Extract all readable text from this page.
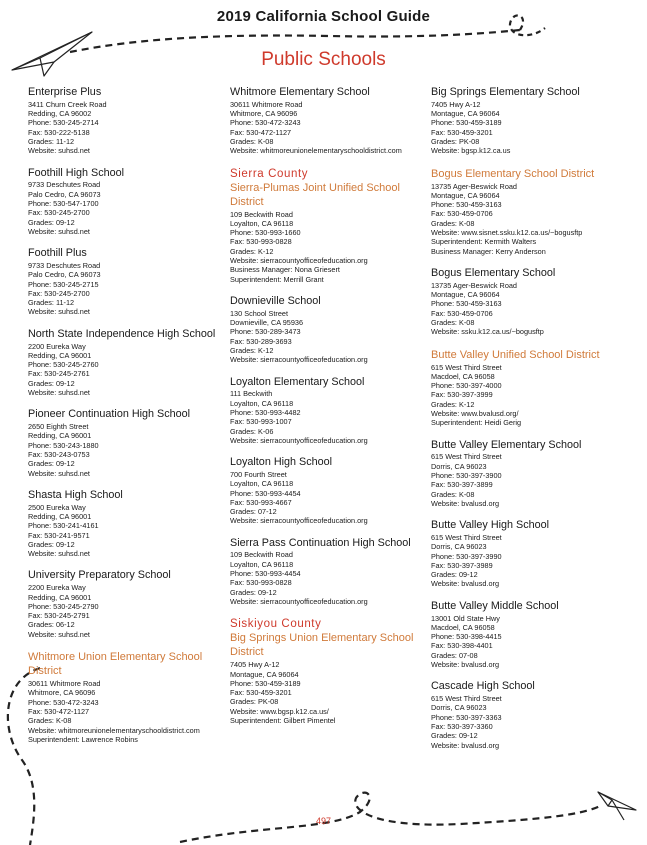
2019 California School Guide
Public Schools
Enterprise Plus
3411 Churn Creek Road
Redding, CA 96002
Phone: 530-245-2714
Fax: 530-222-5138
Grades: 11-12
Website: suhsd.net
Foothill High School
9733 Deschutes Road
Palo Cedro, CA 96073
Phone: 530-547-1700
Fax: 530-245-2700
Grades: 09-12
Website: suhsd.net
Foothill Plus
9733 Deschutes Road
Palo Cedro, CA 96073
Phone: 530-245-2715
Fax: 530-245-2700
Grades: 11-12
Website: suhsd.net
North State Independence High School
2200 Eureka Way
Redding, CA 96001
Phone: 530-245-2760
Fax: 530-245-2761
Grades: 09-12
Website: suhsd.net
Pioneer Continuation High School
2650 Eighth Street
Redding, CA 96001
Phone: 530-243-1880
Fax: 530-243-0753
Grades: 09-12
Website: suhsd.net
Shasta High School
2500 Eureka Way
Redding, CA 96001
Phone: 530-241-4161
Fax: 530-241-9571
Grades: 09-12
Website: suhsd.net
University Preparatory School
2200 Eureka Way
Redding, CA 96001
Phone: 530-245-2790
Fax: 530-245-2791
Grades: 06-12
Website: suhsd.net
Whitmore Union Elementary School District
30611 Whitmore Road
Whitmore, CA 96096
Phone: 530-472-3243
Fax: 530-472-1127
Grades: K-08
Website: whitmoreunionelementaryschooldistrict.com
Superintendent: Lawrence Robins
Whitmore Elementary School
30611 Whitmore Road
Whitmore, CA 96096
Phone: 530-472-3243
Fax: 530-472-1127
Grades: K-08
Website: whitmoreunionelementaryschooldistrict.com
Sierra County
Sierra-Plumas Joint Unified School District
109 Beckwith Road
Loyalton, CA 96118
Phone: 530-993-1660
Fax: 530-993-0828
Grades: K-12
Website: sierracountyofficeofeducation.org
Business Manager: Nona Griesert
Superintendent: Merrill Grant
Downieville School
130 School Street
Downieville, CA 95936
Phone: 530-289-3473
Fax: 530-289-3693
Grades: K-12
Website: sierracountyofficeofeducation.org
Loyalton Elementary School
111 Beckwith
Loyalton, CA 96118
Phone: 530-993-4482
Fax: 530-993-1007
Grades: K-06
Website: sierracountyofficeofeducation.org
Loyalton High School
700 Fourth Street
Loyalton, CA 96118
Phone: 530-993-4454
Fax: 530-993-4667
Grades: 07-12
Website: sierracountyofficeofeducation.org
Sierra Pass Continuation High School
109 Beckwith Road
Loyalton, CA 96118
Phone: 530-993-4454
Fax: 530-993-0828
Grades: 09-12
Website: sierracountyofficeofeducation.org
Siskiyou County
Big Springs Union Elementary School District
7405 Hwy A-12
Montague, CA 96064
Phone: 530-459-3189
Fax: 530-459-3201
Grades: PK-08
Website: www.bgsp.k12.ca.us/
Superintendent: Gilbert Pimentel
Big Springs Elementary School
7405 Hwy A-12
Montague, CA 96064
Phone: 530-459-3189
Fax: 530-459-3201
Grades: PK-08
Website: bgsp.k12.ca.us
Bogus Elementary School District
13735 Ager-Beswick Road
Montague, CA 96064
Phone: 530-459-3163
Fax: 530-459-0706
Grades: K-08
Website: www.sisnet.ssku.k12.ca.us/~bogusftp
Superintendent: Kermith Walters
Business Manager: Kerry Anderson
Bogus Elementary School
13735 Ager-Beswick Road
Montague, CA 96064
Phone: 530-459-3163
Fax: 530-459-0706
Grades: K-08
Website: ssku.k12.ca.us/~bogusftp
Butte Valley Unified School District
615 West Third Street
Macdoel, CA 96058
Phone: 530-397-4000
Fax: 530-397-3999
Grades: K-12
Website: www.bvalusd.org/
Superintendent: Heidi Gerig
Butte Valley Elementary School
615 West Third Street
Dorris, CA 96023
Phone: 530-397-3900
Fax: 530-397-3899
Grades: K-08
Website: bvalusd.org
Butte Valley High School
615 West Third Street
Dorris, CA 96023
Phone: 530-397-3990
Fax: 530-397-3989
Grades: 09-12
Website: bvalusd.org
Butte Valley Middle School
13001 Old State Hwy
Macdoel, CA 96058
Phone: 530-398-4415
Fax: 530-398-4401
Grades: 07-08
Website: bvalusd.org
Cascade High School
615 West Third Street
Dorris, CA 96023
Phone: 530-397-3363
Fax: 530-397-3360
Grades: 09-12
Website: bvalusd.org
497
